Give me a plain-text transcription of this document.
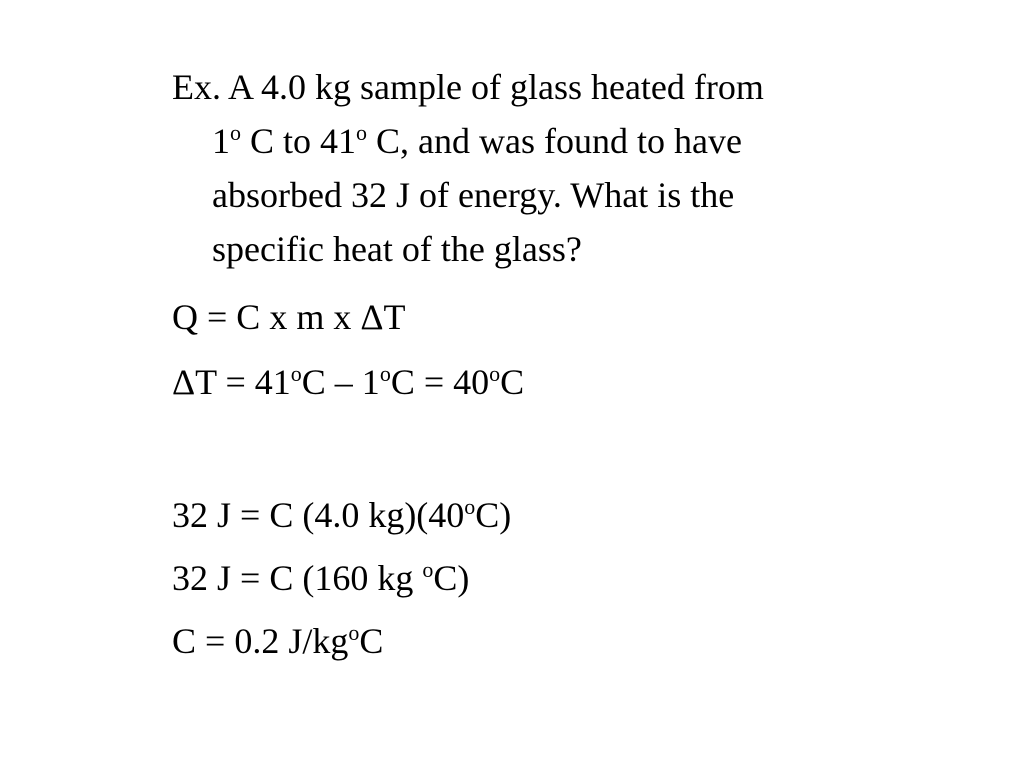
Ex. A 4.0 kg sample of glass heated from
1$^o$ C to 41$^o$ C, and was found to have
absorbed 32 J of energy. What is the
specific heat of the glass?
Q = C x m x ΔT
$\Delta T = 41^oC - 1^oC = 40^oC$
32 J = C (4.0 kg)(40$^o$C)
32 J = C (160 kg $^o$C)
C = 0.2 $J/kg^oC$
